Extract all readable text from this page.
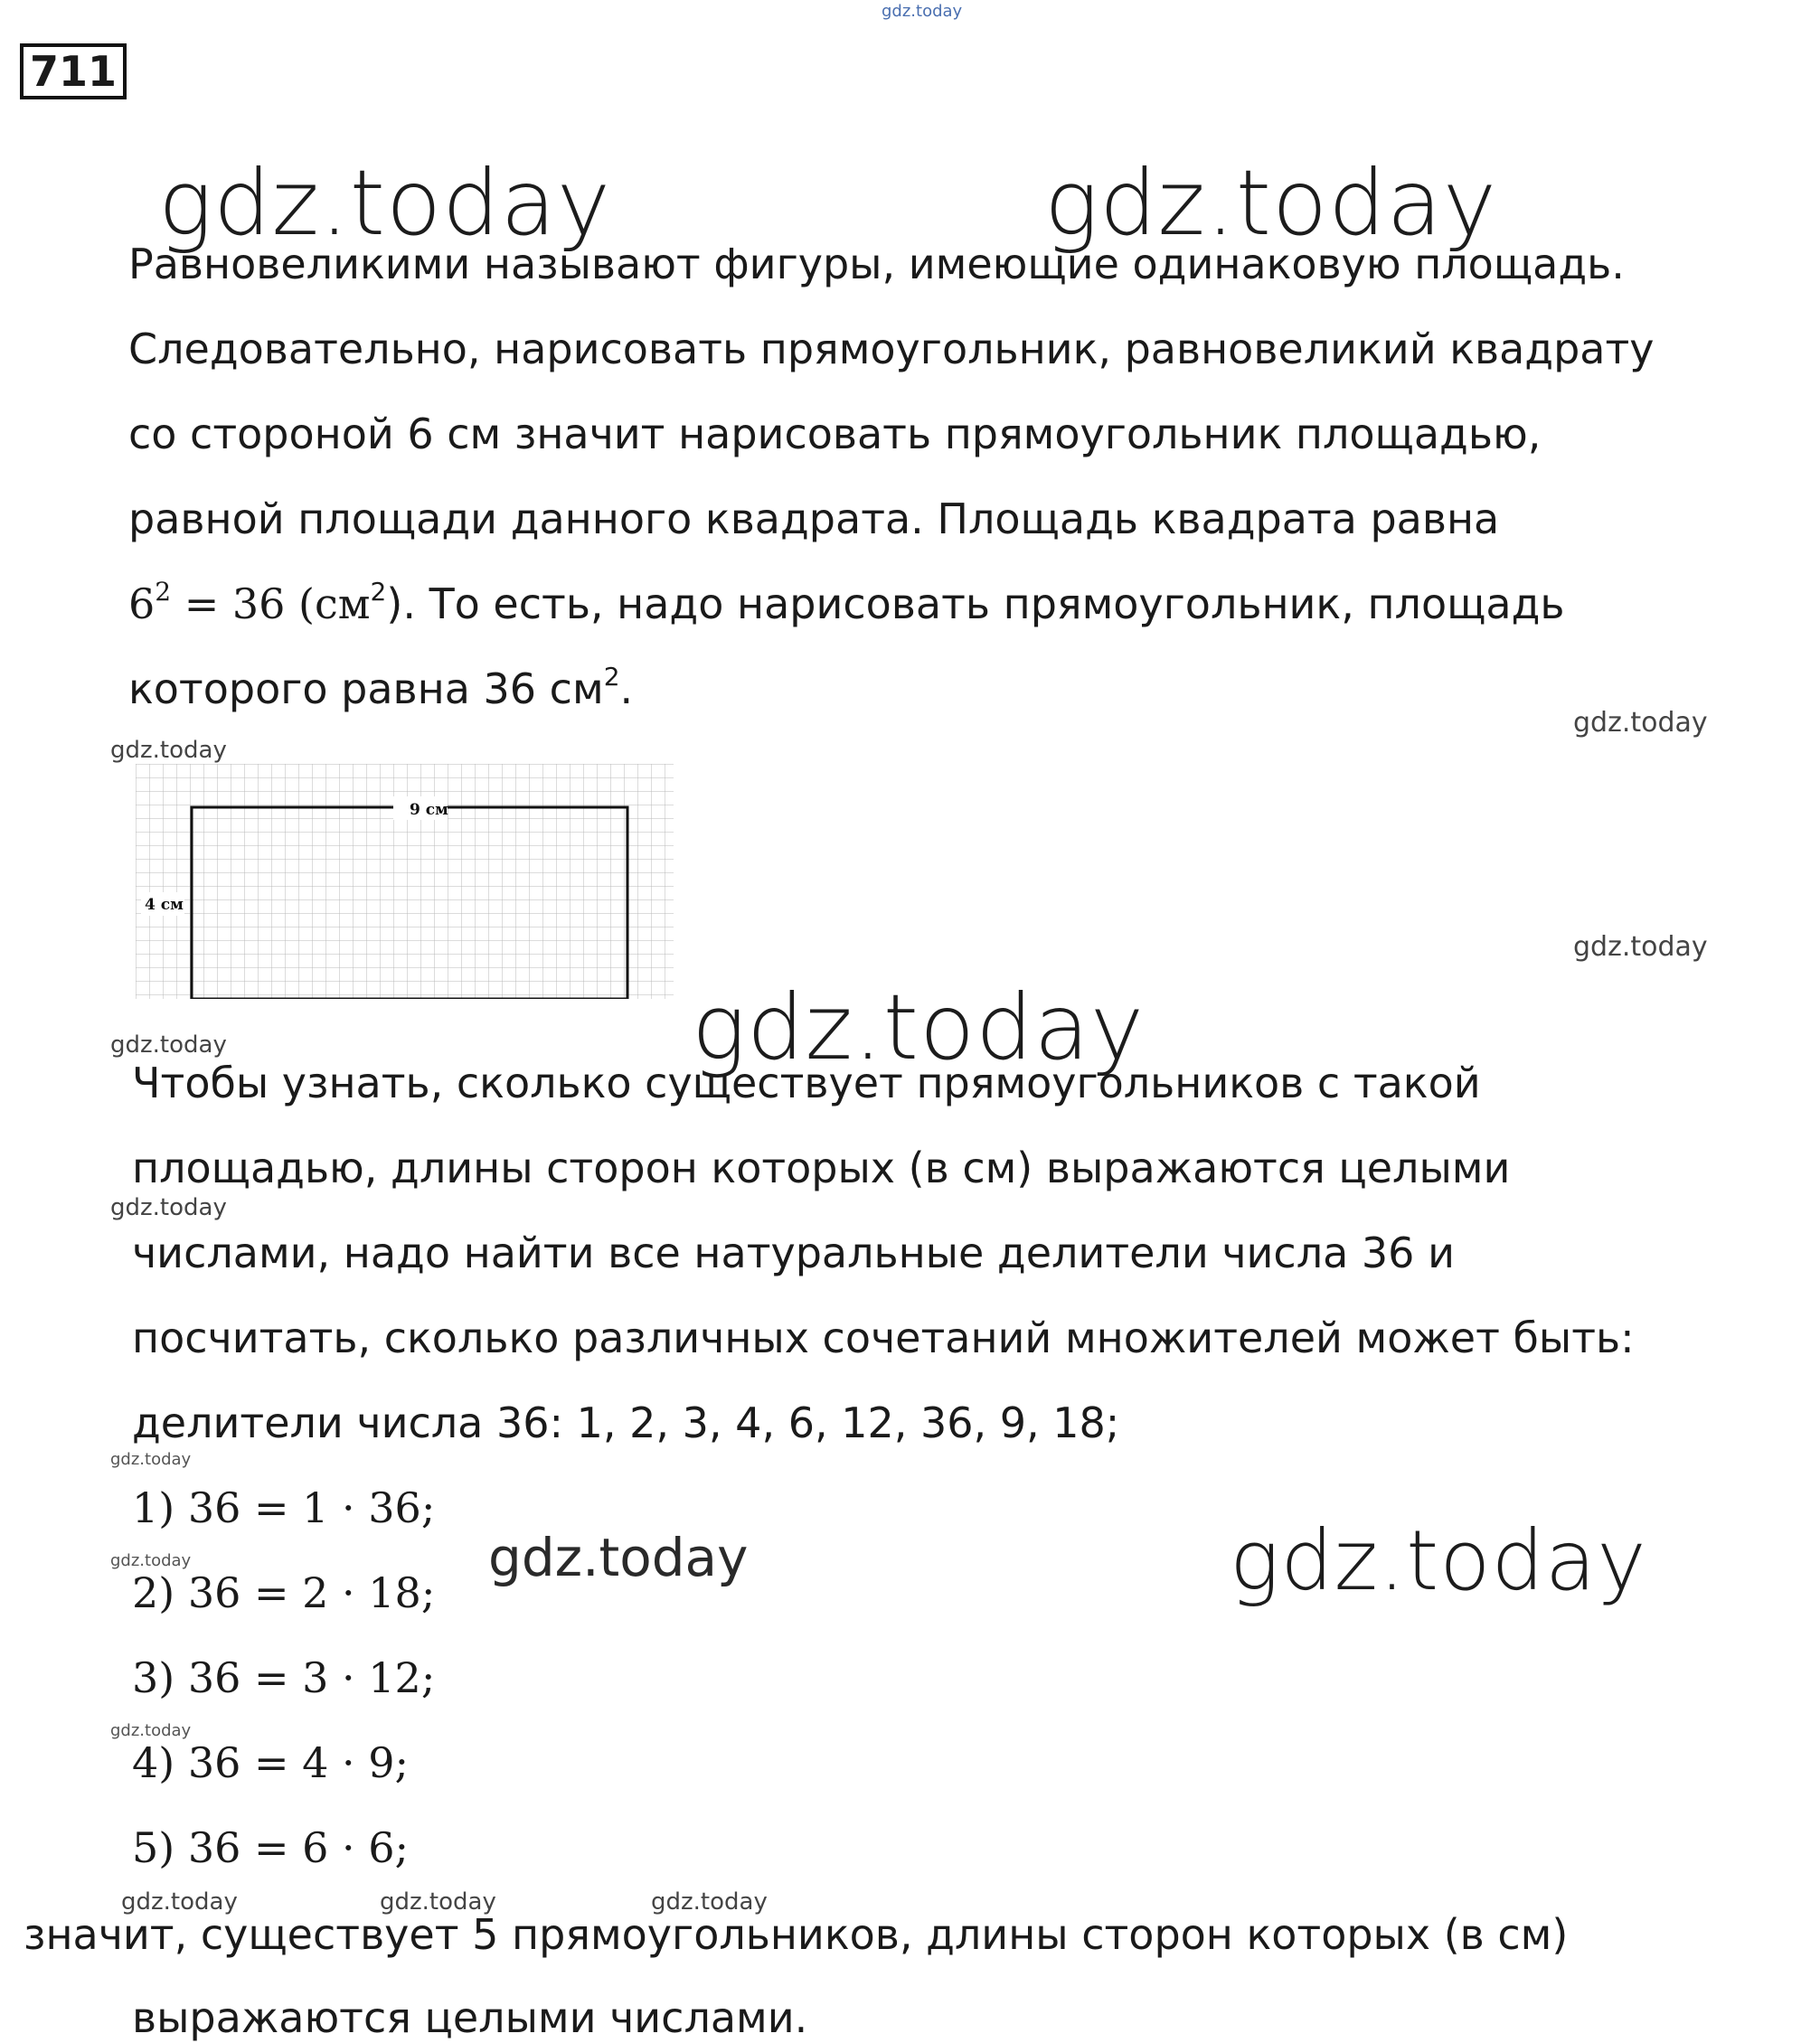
gdz.today
711
gdz.today	gdz.today
Равновеликими называют фигуры, имеющие одинаковую площадь.
Следовательно, нарисовать прямоугольник, равновеликий квадрату
со стороной 6 см значит нарисовать прямоугольник площадью,
равной площади данного квадрата. Площадь квадрата равна
$6^2 = 36$ $(см^2)$. То есть, надо нарисовать прямоугольник, площадь
которого равна 36 $см^2$.
gdz.today
gdz.today
gdz.today
gdz.today
9 см
4 см
gdz.today
Чтобы узнать, сколько существует прямоугольников с такой
площадью, длины сторон которых (в см) выражаются целыми
gdz.today
числами, надо найти все натуральные делители числа 36 и
посчитать, сколько различных сочетаний множителей может быть:
делители числа 36: 1, 2, 3, 4, 6, 12, 36, 9, 18;
gdz.today
1) 36 = 1 · 36;
gdz.today
2) 36 = 2 · 18;
3) 36 = 3 · 12;
gdz.today
4) 36 = 4 · 9;
5) 36 = 6 · 6;
gdz.today	gdz.today
gdz.today	gdz.today	gdz.today
значит, существует 5 прямоугольников, длины сторон которых (в см)
выражаются целыми числами.
